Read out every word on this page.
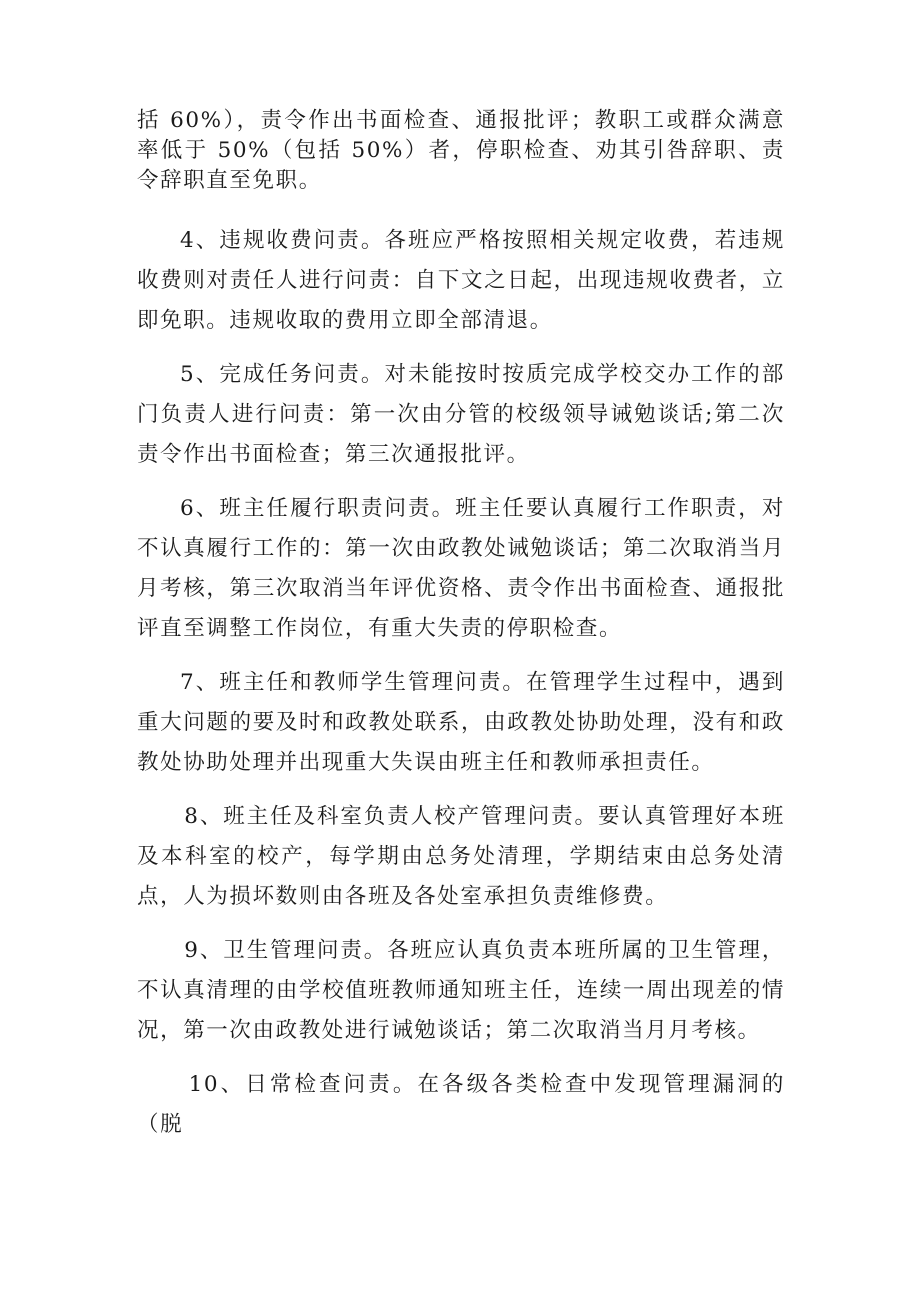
括 60%），责令作出书面检查、通报批评；教职工或群众满意率低于 50%（包括 50%）者，停职检查、劝其引咎辞职、责令辞职直至免职。

4、违规收费问责。各班应严格按照相关规定收费，若违规收费则对责任人进行问责：自下文之日起，出现违规收费者，立即免职。违规收取的费用立即全部清退。

5、完成任务问责。对未能按时按质完成学校交办工作的部门负责人进行问责：第一次由分管的校级领导诫勉谈话;第二次责令作出书面检查；第三次通报批评。

6、班主任履行职责问责。班主任要认真履行工作职责，对不认真履行工作的：第一次由政教处诫勉谈话；第二次取消当月月考核，第三次取消当年评优资格、责令作出书面检查、通报批评直至调整工作岗位，有重大失责的停职检查。

7、班主任和教师学生管理问责。在管理学生过程中，遇到重大问题的要及时和政教处联系，由政教处协助处理，没有和政教处协助处理并出现重大失误由班主任和教师承担责任。

8、班主任及科室负责人校产管理问责。要认真管理好本班及本科室的校产，每学期由总务处清理，学期结束由总务处清点，人为损坏数则由各班及各处室承担负责维修费。

9、卫生管理问责。各班应认真负责本班所属的卫生管理，不认真清理的由学校值班教师通知班主任，连续一周出现差的情况，第一次由政教处进行诫勉谈话；第二次取消当月月考核。

10、日常检查问责。在各级各类检查中发现管理漏洞的（脱
